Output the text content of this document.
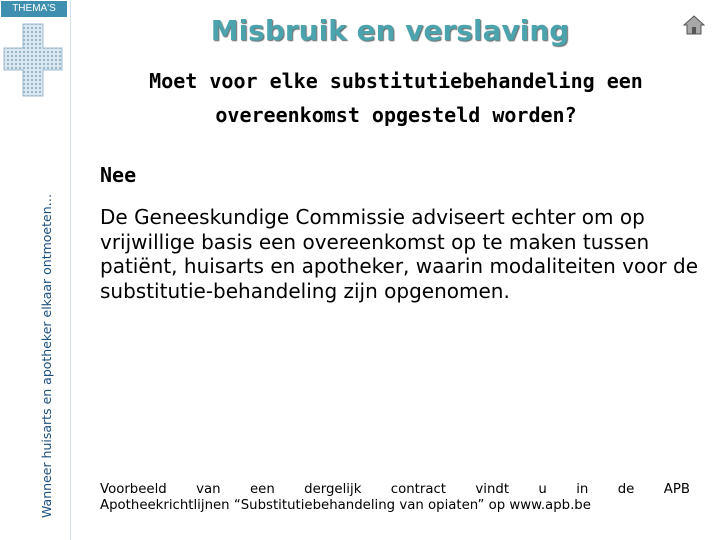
THEMA'S
Wanneer huisarts en apotheker elkaar ontmoeten…
Misbruik en verslaving
Moet voor elke substitutiebehandeling een overeenkomst opgesteld worden?
Nee
De Geneeskundige Commissie adviseert echter om op vrijwillige basis een overeenkomst op te maken tussen patiënt, huisarts en apotheker, waarin modaliteiten voor de substitutie-behandeling zijn opgenomen.
Voorbeeld van een dergelijk contract vindt u in de APB
Apotheekrichtlijnen “Substitutiebehandeling van opiaten” op www.apb.be
